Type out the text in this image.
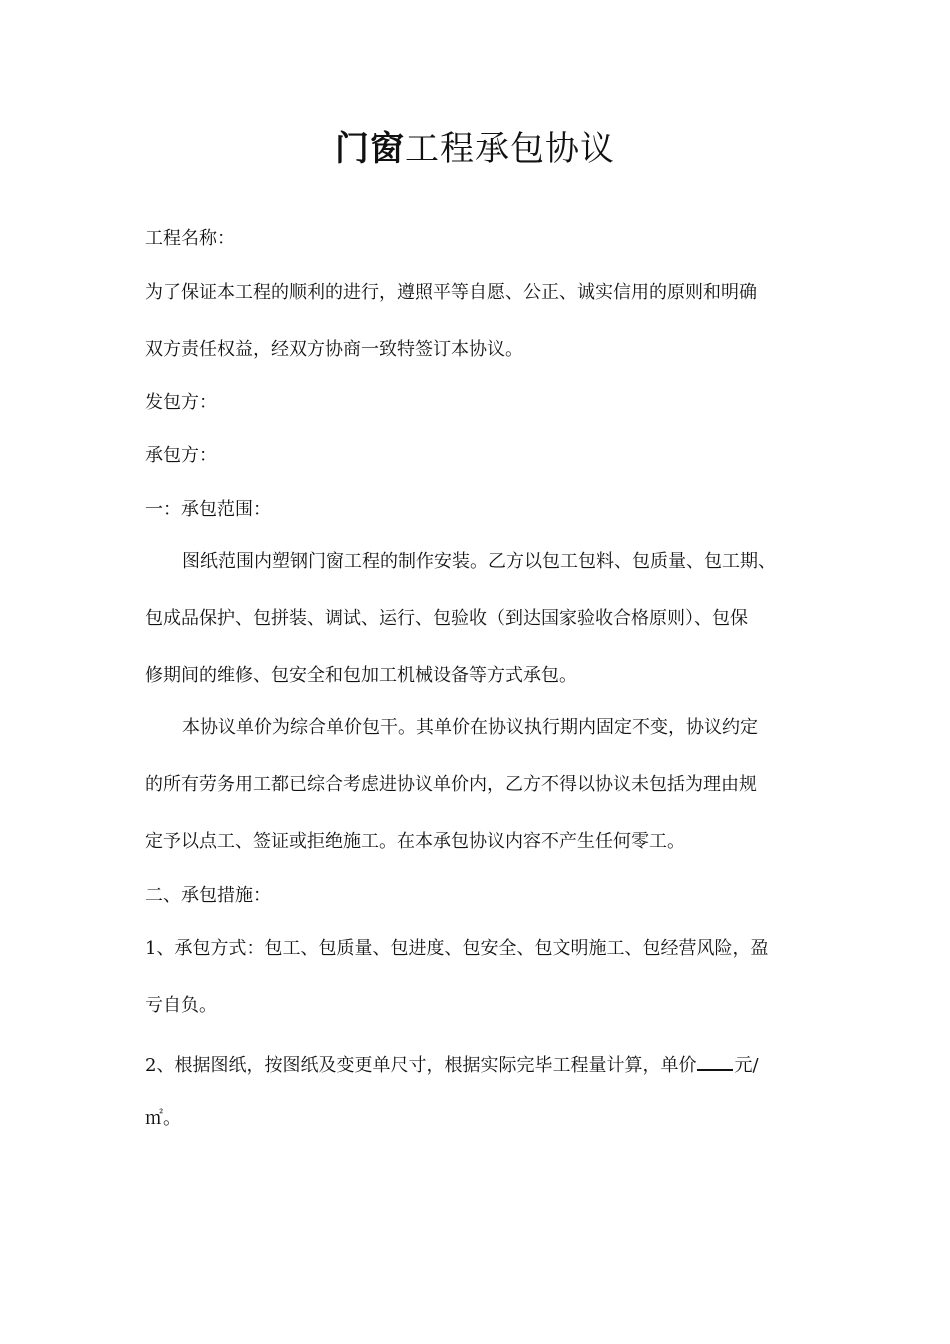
门窗工程承包协议
工程名称：
为了保证本工程的顺利的进行，遵照平等自愿、公正、诚实信用的原则和明确
双方责任权益，经双方协商一致特签订本协议。
发包方：
承包方：
一：承包范围：
图纸范围内塑钢门窗工程的制作安装。乙方以包工包料、包质量、包工期、
包成品保护、包拼装、调试、运行、包验收（到达国家验收合格原则）、包保
修期间的维修、包安全和包加工机械设备等方式承包。
本协议单价为综合单价包干。其单价在协议执行期内固定不变，协议约定
的所有劳务用工都已综合考虑进协议单价内，乙方不得以协议未包括为理由规
定予以点工、签证或拒绝施工。在本承包协议内容不产生任何零工。
二、承包措施：
1、承包方式：包工、包质量、包进度、包安全、包文明施工、包经营风险，盈
亏自负。
2、根据图纸，按图纸及变更单尺寸，根据实际完毕工程量计算，单价 元/
㎡。
